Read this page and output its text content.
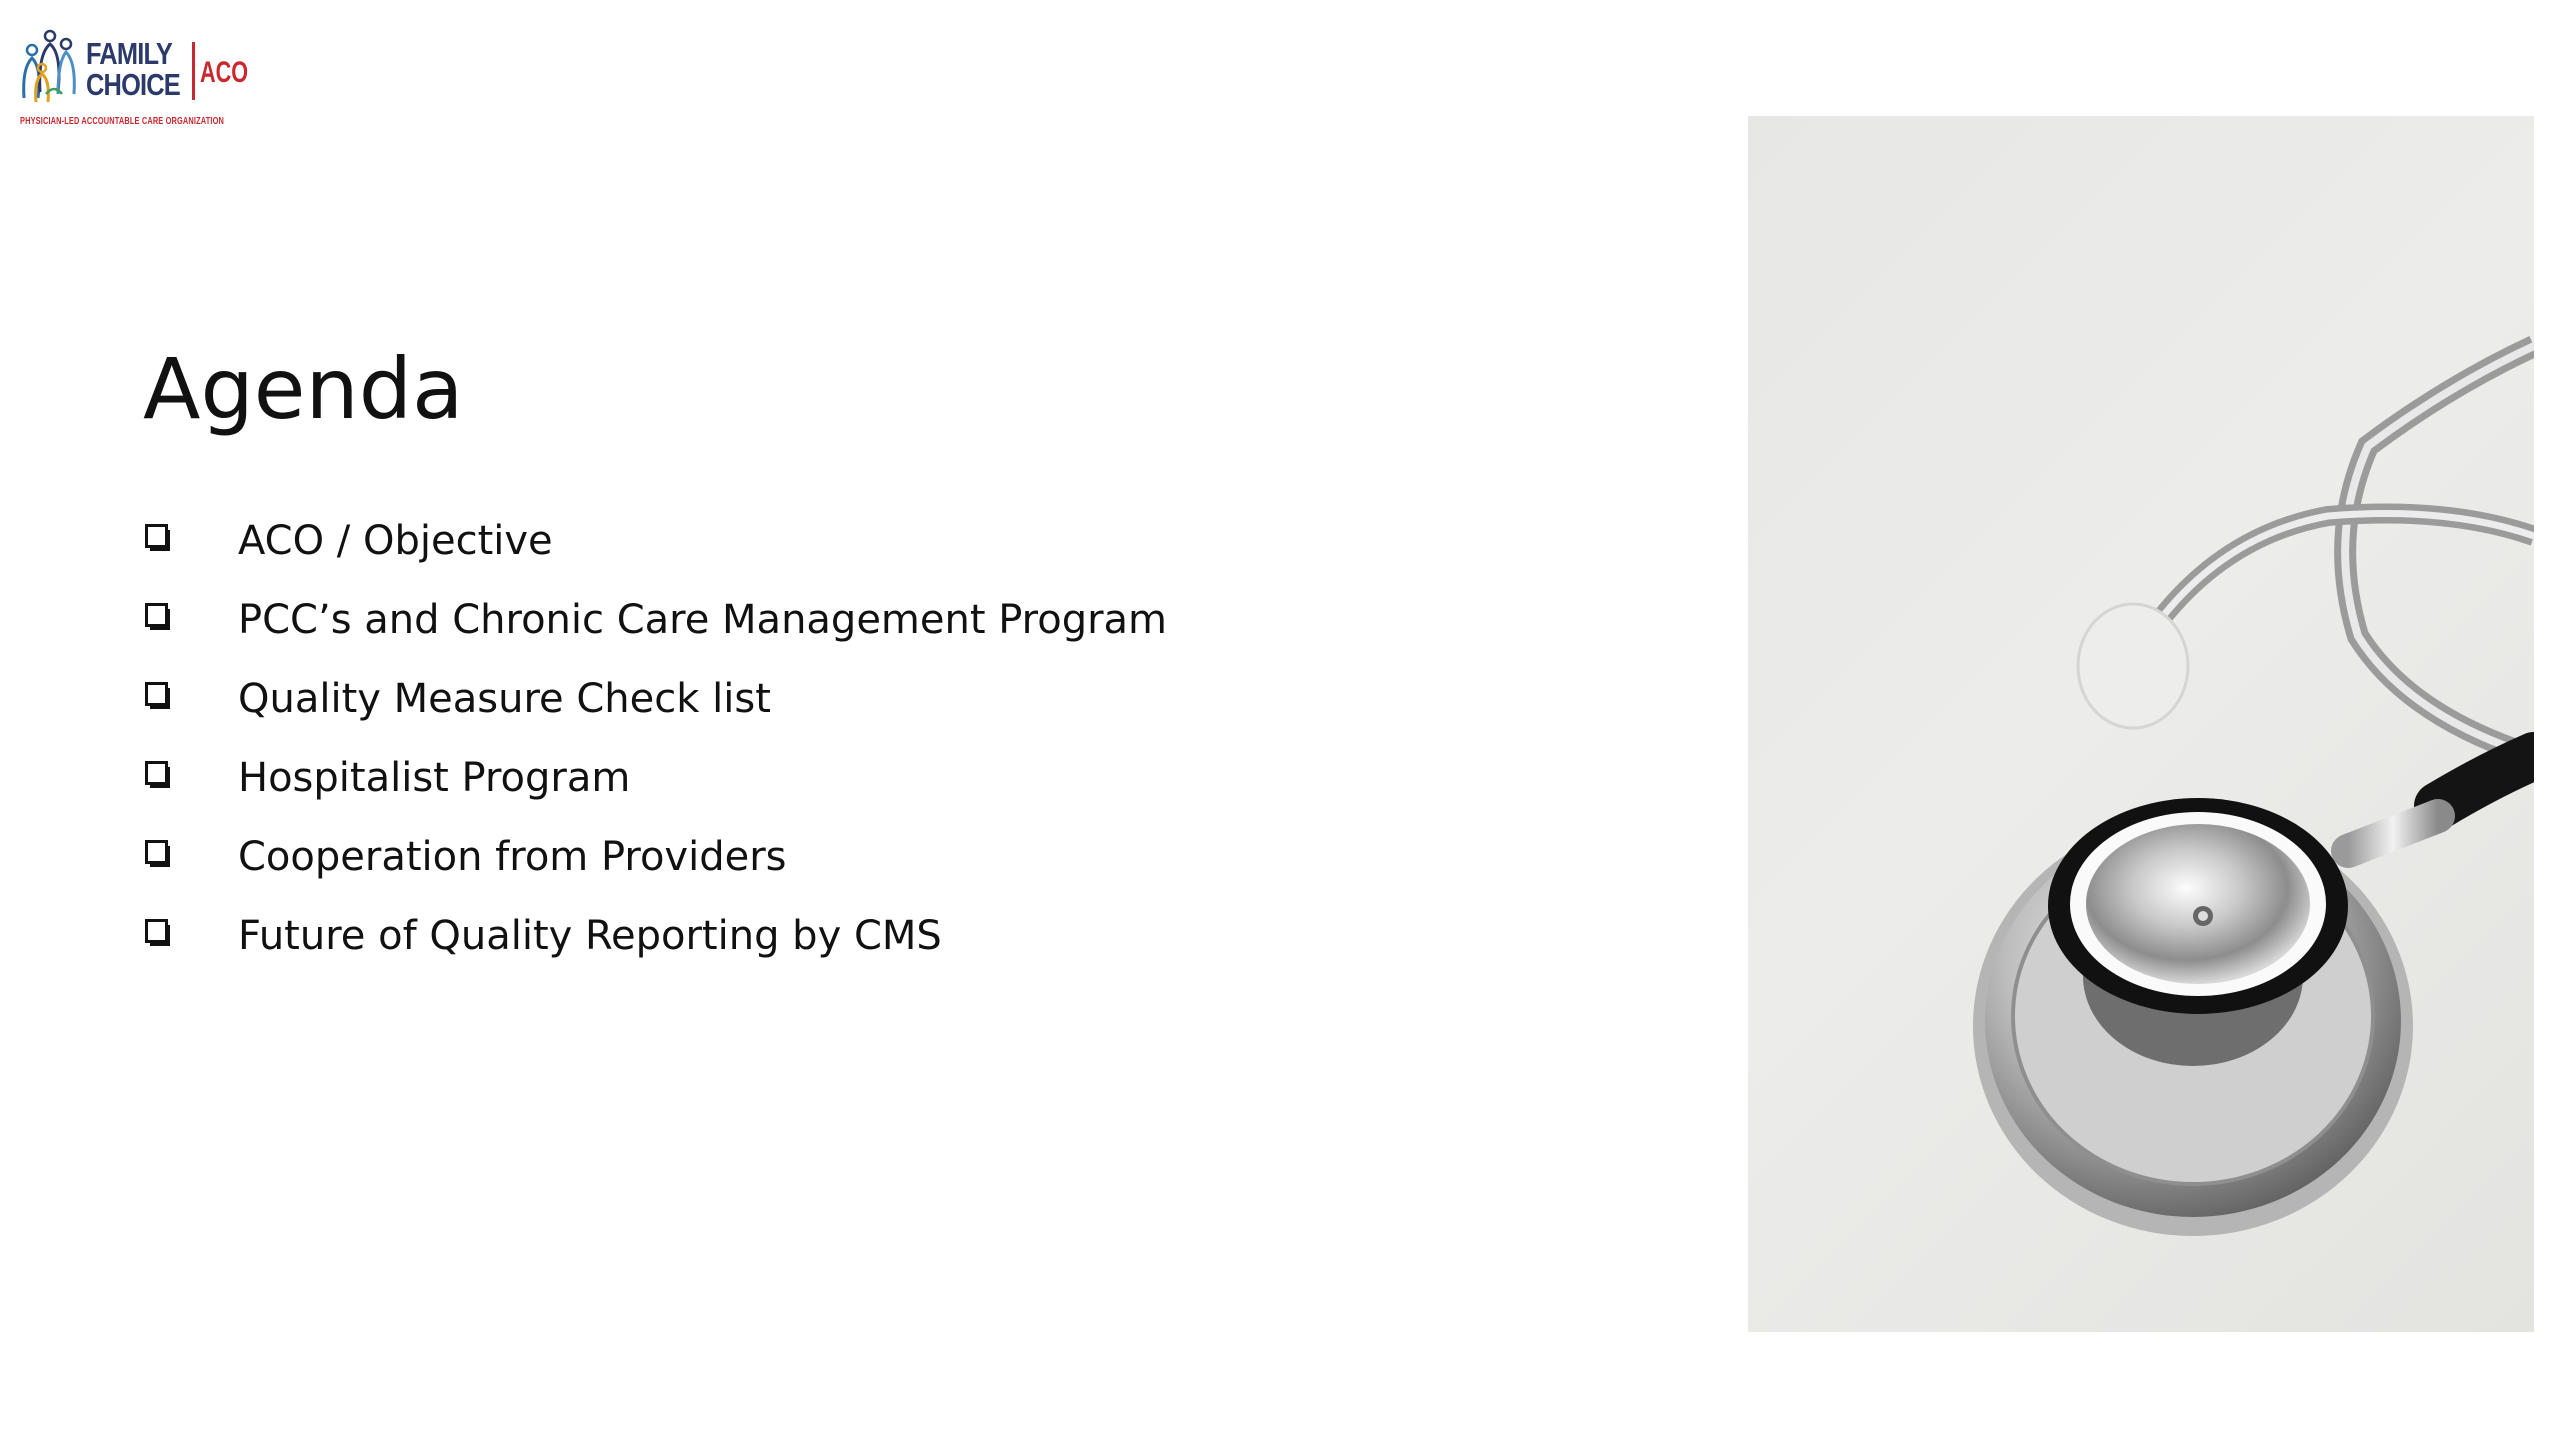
FAMILY
CHOICE ACO
PHYSICIAN-LED ACCOUNTABLE CARE ORGANIZATION
Agenda
ACO / Objective
PCC’s and Chronic Care Management Program
Quality Measure Check list
Hospitalist Program
Cooperation from Providers
Future of Quality Reporting by CMS
